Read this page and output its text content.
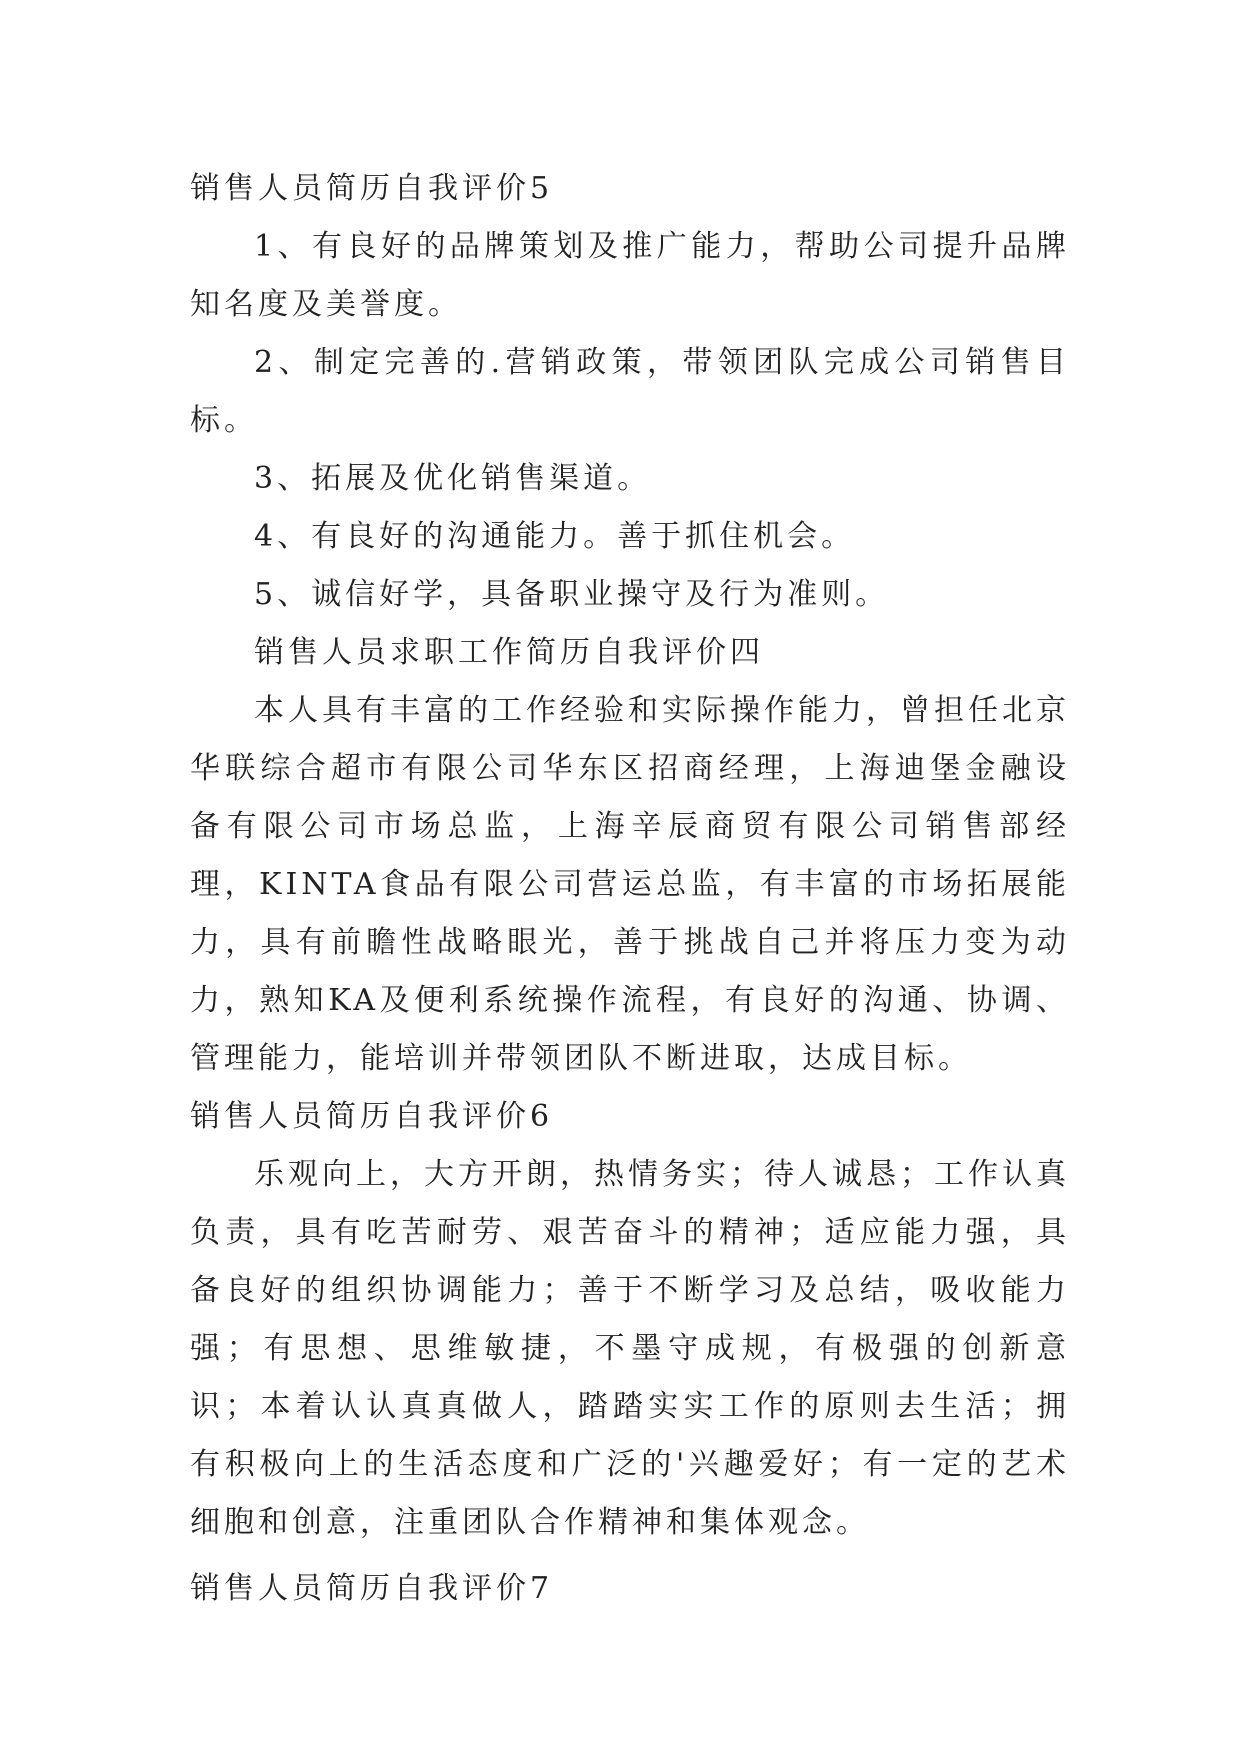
销售人员简历自我评价5

1、有良好的品牌策划及推广能力，帮助公司提升品牌知名度及美誉度。

2、制定完善的.营销政策，带领团队完成公司销售目标。

3、拓展及优化销售渠道。

4、有良好的沟通能力。善于抓住机会。

5、诚信好学，具备职业操守及行为准则。

销售人员求职工作简历自我评价四

本人具有丰富的工作经验和实际操作能力，曾担任北京华联综合超市有限公司华东区招商经理，上海迪堡金融设备有限公司市场总监，上海辛辰商贸有限公司销售部经理，KINTA食品有限公司营运总监，有丰富的市场拓展能力，具有前瞻性战略眼光，善于挑战自己并将压力变为动力，熟知KA及便利系统操作流程，有良好的沟通、协调、管理能力，能培训并带领团队不断进取，达成目标。

销售人员简历自我评价6

乐观向上，大方开朗，热情务实；待人诚恳；工作认真负责，具有吃苦耐劳、艰苦奋斗的精神；适应能力强，具备良好的组织协调能力；善于不断学习及总结，吸收能力强；有思想、思维敏捷，不墨守成规，有极强的创新意识；本着认认真真做人，踏踏实实工作的原则去生活；拥有积极向上的生活态度和广泛的'兴趣爱好；有一定的艺术细胞和创意，注重团队合作精神和集体观念。

销售人员简历自我评价7
